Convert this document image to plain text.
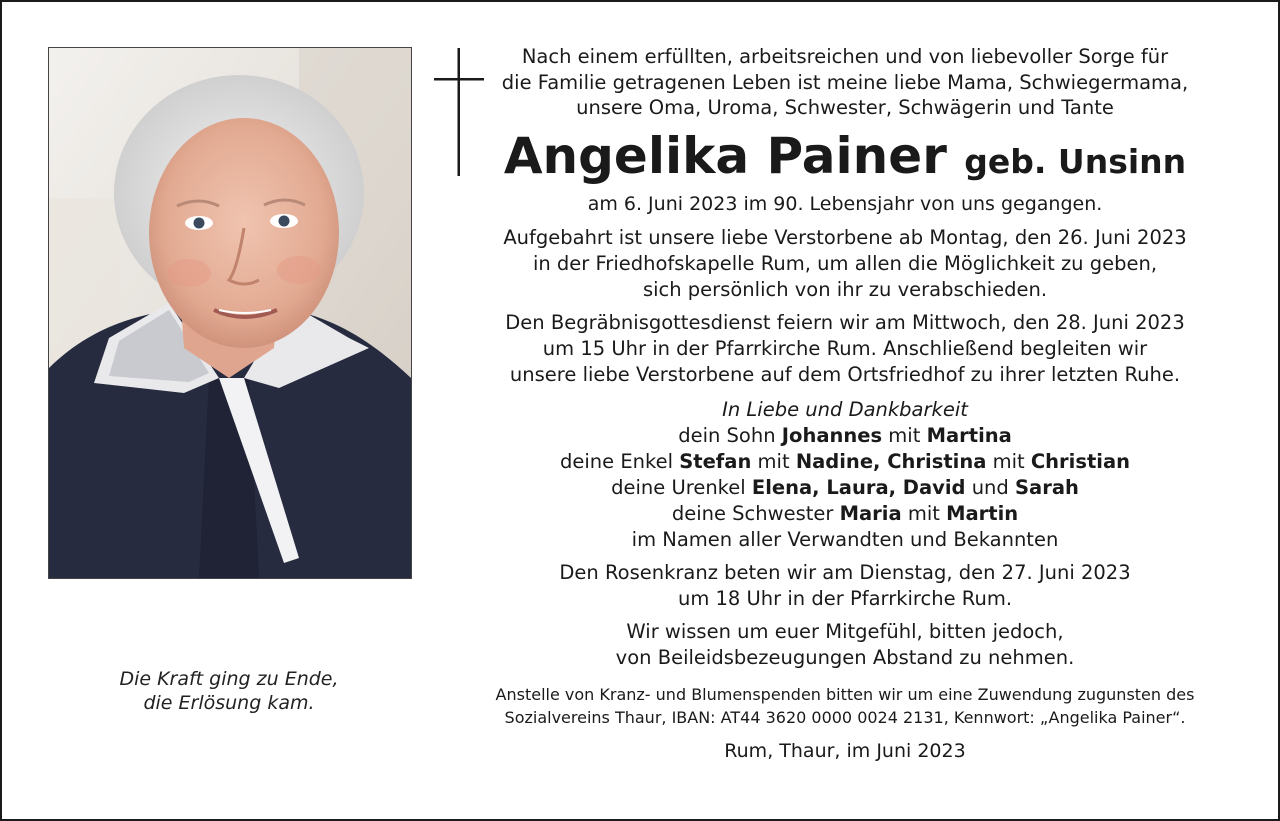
Die Kraft ging zu Ende,
die Erlösung kam.
Nach einem erfüllten, arbeitsreichen und von liebevoller Sorge für
die Familie getragenen Leben ist meine liebe Mama, Schwiegermama,
unsere Oma, Uroma, Schwester, Schwägerin und Tante
Angelika Painer geb. Unsinn
am 6. Juni 2023 im 90. Lebensjahr von uns gegangen.
Aufgebahrt ist unsere liebe Verstorbene ab Montag, den 26. Juni 2023
in der Friedhofskapelle Rum, um allen die Möglichkeit zu geben,
sich persönlich von ihr zu verabschieden.
Den Begräbnisgottesdienst feiern wir am Mittwoch, den 28. Juni 2023
um 15 Uhr in der Pfarrkirche Rum. Anschließend begleiten wir
unsere liebe Verstorbene auf dem Ortsfriedhof zu ihrer letzten Ruhe.
In Liebe und Dankbarkeit
dein Sohn Johannes mit Martina
deine Enkel Stefan mit Nadine, Christina mit Christian
deine Urenkel Elena, Laura, David und Sarah
deine Schwester Maria mit Martin
im Namen aller Verwandten und Bekannten
Den Rosenkranz beten wir am Dienstag, den 27. Juni 2023
um 18 Uhr in der Pfarrkirche Rum.
Wir wissen um euer Mitgefühl, bitten jedoch,
von Beileidsbezeugungen Abstand zu nehmen.
Anstelle von Kranz- und Blumenspenden bitten wir um eine Zuwendung zugunsten des
Sozialvereins Thaur, IBAN: AT44 3620 0000 0024 2131, Kennwort: „Angelika Painer“.
Rum, Thaur, im Juni 2023
